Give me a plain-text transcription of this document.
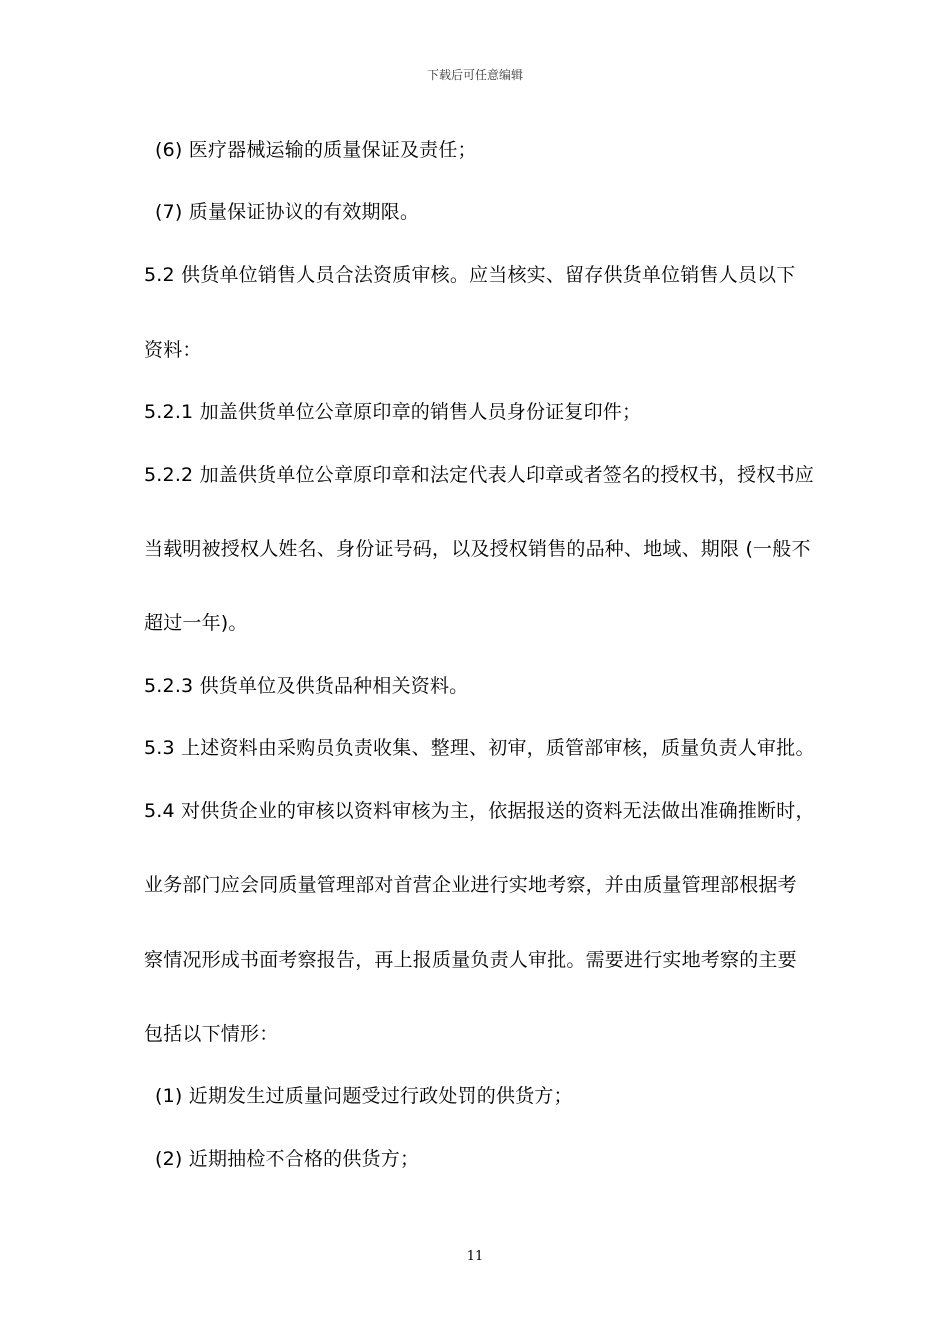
下载后可任意编辑
(6) 医疗器械运输的质量保证及责任；
(7) 质量保证协议的有效期限。
5.2 供货单位销售人员合法资质审核。应当核实、留存供货单位销售人员以下
资料：
5.2.1 加盖供货单位公章原印章的销售人员身份证复印件；
5.2.2 加盖供货单位公章原印章和法定代表人印章或者签名的授权书，授权书应
当载明被授权人姓名、身份证号码，以及授权销售的品种、地域、期限 (一般不
超过一年)。
5.2.3 供货单位及供货品种相关资料。
5.3 上述资料由采购员负责收集、整理、初审，质管部审核，质量负责人审批。
5.4 对供货企业的审核以资料审核为主，依据报送的资料无法做出准确推断时，
业务部门应会同质量管理部对首营企业进行实地考察，并由质量管理部根据考
察情况形成书面考察报告，再上报质量负责人审批。需要进行实地考察的主要
包括以下情形：
(1) 近期发生过质量问题受过行政处罚的供货方；
(2) 近期抽检不合格的供货方；
11
